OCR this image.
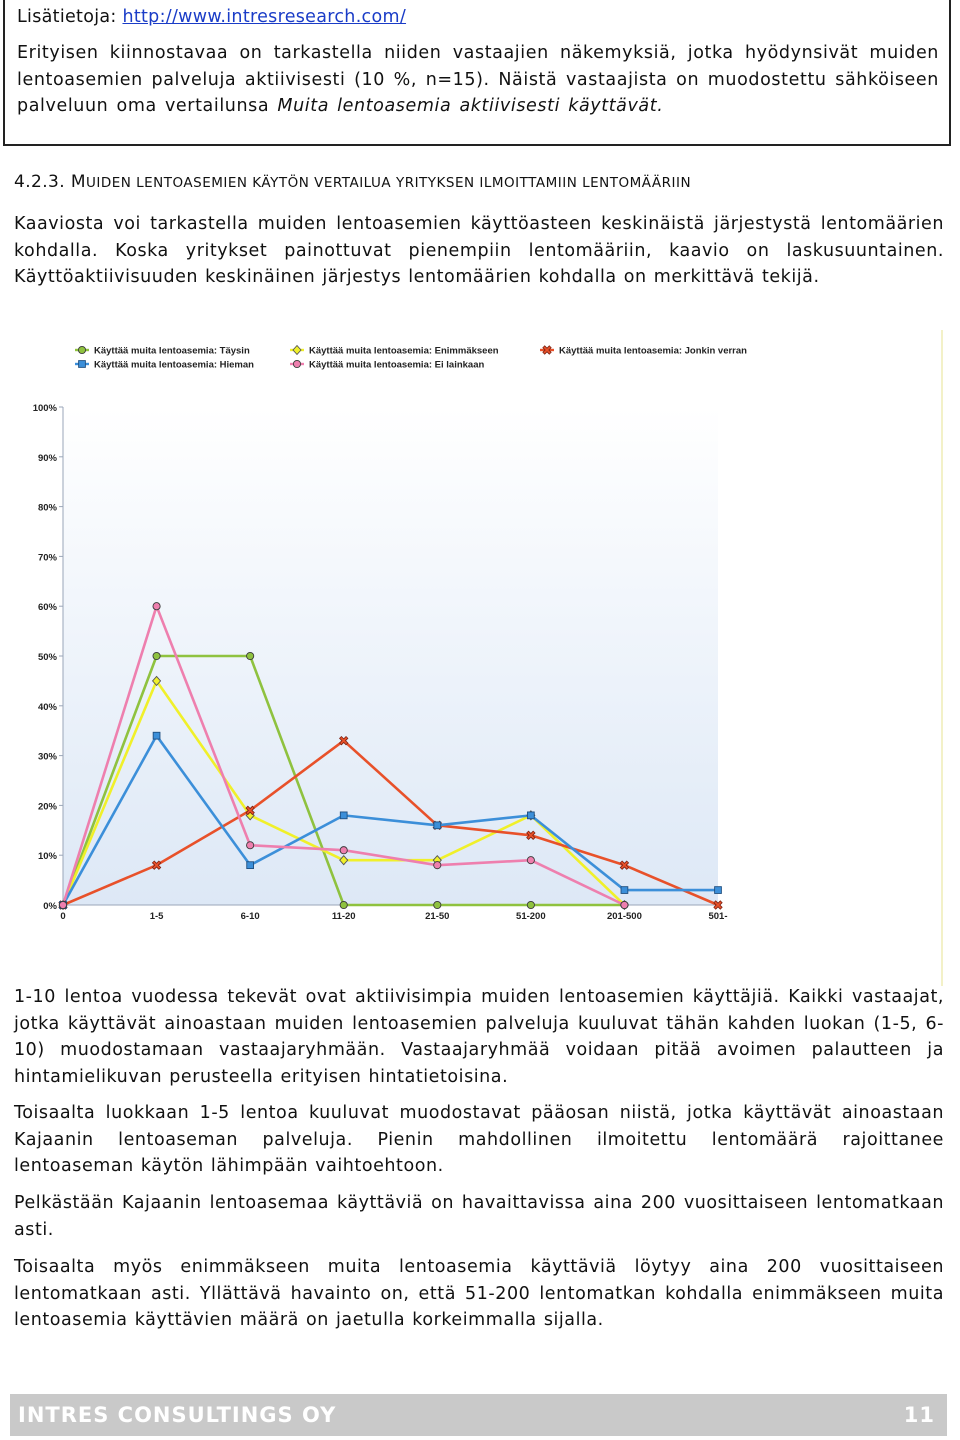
Lisätietoja: http://www.intresresearch.com/

Erityisen kiinnostavaa on tarkastella niiden vastaajien näkemyksiä, jotka hyödynsivät muiden lentoasemien palveluja aktiivisesti (10 %, n=15). Näistä vastaajista on muodostettu sähköiseen palveluun oma vertailunsa Muita lentoasemia aktiivisesti käyttävät.

4.2.3. MUIDEN LENTOASEMIEN KÄYTÖN VERTAILUA YRITYKSEN ILMOITTAMIIN LENTOMÄÄRIIN

Kaaviosta voi tarkastella muiden lentoasemien käyttöasteen keskinäistä järjestystä lentomäärien kohdalla. Koska yritykset painottuvat pienempiin lentomääriin, kaavio on laskusuuntainen. Käyttöaktiivisuuden keskinäinen järjestys lentomäärien kohdalla on merkittävä tekijä.

0%
10%
20%
30%
40%
50%
60%
70%
80%
90%
100%
0	1-5	6-10	11-20	21-50	51-200	201-500	501-
Käyttää muita lentoasemia: Täysin	Käyttää muita lentoasemia: Enimmäkseen	Käyttää muita lentoasemia: Jonkin verran
Käyttää muita lentoasemia: Hieman	Käyttää muita lentoasemia: Ei lainkaan

1-10 lentoa vuodessa tekevät ovat aktiivisimpia muiden lentoasemien käyttäjiä. Kaikki vastaajat, jotka käyttävät ainoastaan muiden lentoasemien palveluja kuuluvat tähän kahden luokan (1-5, 6-10) muodostamaan vastaajaryhmään. Vastaajaryhmää voidaan pitää avoimen palautteen ja hintamielikuvan perusteella erityisen hintatietoisina.

Toisaalta luokkaan 1-5 lentoa kuuluvat muodostavat pääosan niistä, jotka käyttävät ainoastaan Kajaanin lentoaseman palveluja. Pienin mahdollinen ilmoitettu lentomäärä rajoittanee lentoaseman käytön lähimpään vaihtoehtoon.

Pelkästään Kajaanin lentoasemaa käyttäviä on havaittavissa aina 200 vuosittaiseen lentomatkaan asti.

Toisaalta myös enimmäkseen muita lentoasemia käyttäviä löytyy aina 200 vuosittaiseen lentomatkaan asti. Yllättävä havainto on, että 51-200 lentomatkan kohdalla enimmäkseen muita lentoasemia käyttävien määrä on jaetulla korkeimmalla sijalla.

INTRES CONSULTINGS OY	11
